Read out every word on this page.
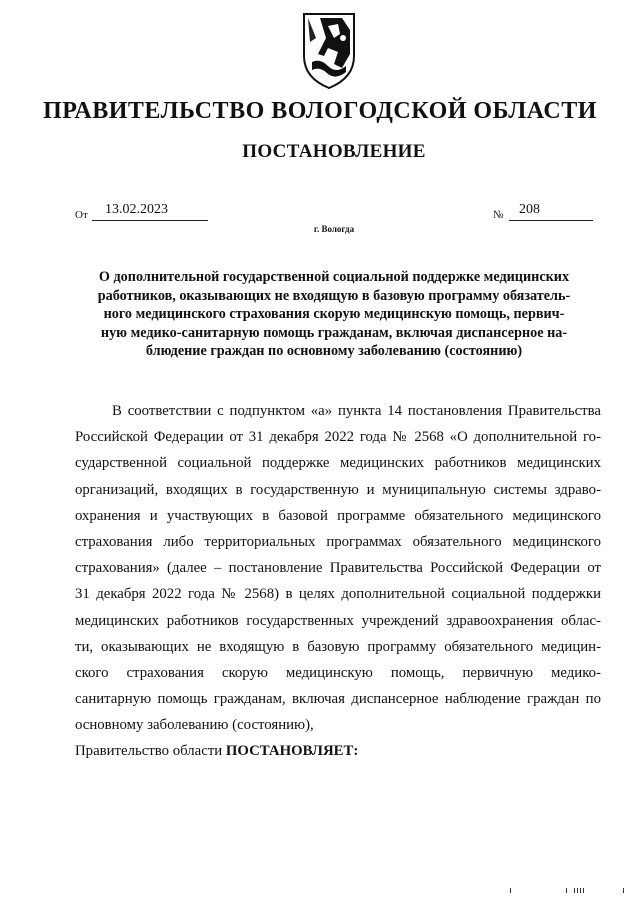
ПРАВИТЕЛЬСТВО ВОЛОГОДСКОЙ ОБЛАСТИ
ПОСТАНОВЛЕНИЕ
От	13.02.2023	№	208
г. Вологда
О дополнительной государственной социальной поддержке медицинских
работников, оказывающих не входящую в базовую программу обязатель-
ного медицинского страхования скорую медицинскую помощь, первич-
ную медико-санитарную помощь гражданам, включая диспансерное на-
блюдение граждан по основному заболеванию (состоянию)
В соответствии с подпунктом «а» пункта 14 постановления Правительства
Российской Федерации от 31 декабря 2022 года № 2568 «О дополнительной го-
сударственной социальной поддержке медицинских работников медицинских
организаций, входящих в государственную и муниципальную системы здраво-
охранения и участвующих в базовой программе обязательного медицинского
страхования либо территориальных программах обязательного медицинского
страхования» (далее – постановление Правительства Российской Федерации от
31 декабря 2022 года № 2568) в целях дополнительной социальной поддержки
медицинских работников государственных учреждений здравоохранения облас-
ти, оказывающих не входящую в базовую программу обязательного медицин-
ского страхования скорую медицинскую помощь, первичную медико-
санитарную помощь гражданам, включая диспансерное наблюдение граждан по
основному заболеванию (состоянию),
Правительство области ПОСТАНОВЛЯЕТ:
